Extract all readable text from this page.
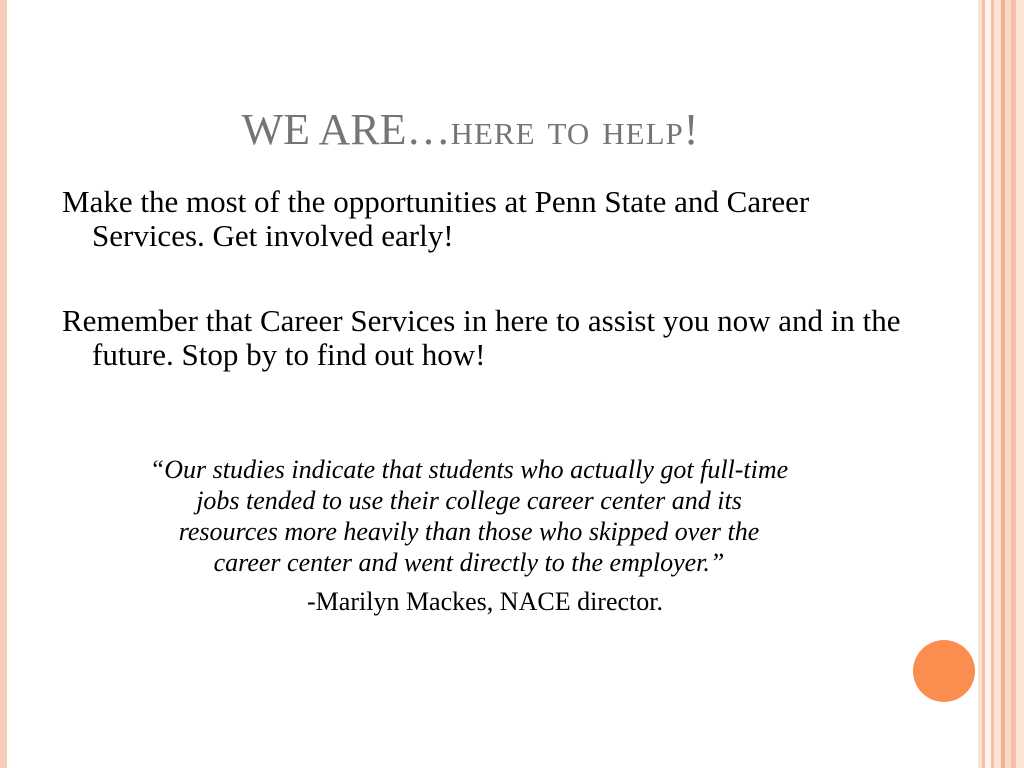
WE ARE…here to help!

Make the most of the opportunities at Penn State and Career Services. Get involved early!

Remember that Career Services in here to assist you now and in the future. Stop by to find out how!

“Our studies indicate that students who actually got full-time
jobs tended to use their college career center and its
resources more heavily than those who skipped over the
career center and went directly to the employer.”

-Marilyn Mackes, NACE director.
